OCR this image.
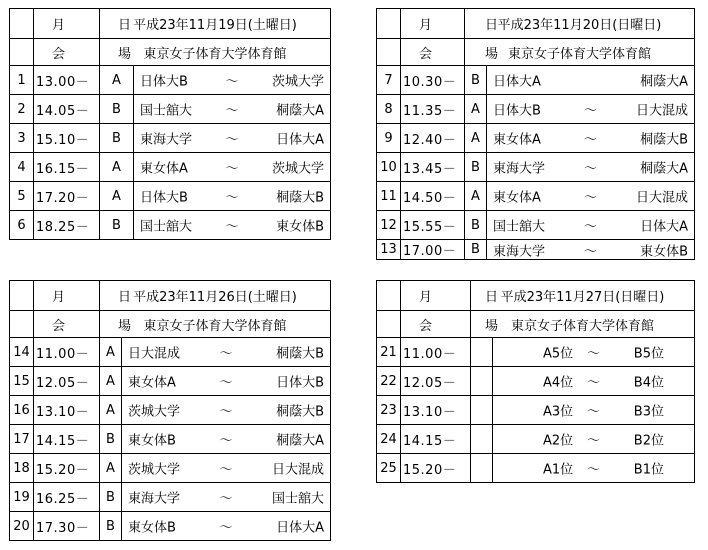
	月　日	平成23年11月19日(土曜日)	
	会　場	東京女子体育大学体育館	
1	13.00－	A	日体大B ～ 茨城大学

2	14.05－	B	国士舘大 ～ 桐蔭大A

3	15.10－	B	東海大学 ～ 日体大A

4	16.15－	A	東女体A ～ 茨城大学

5	17.20－	A	日体大B ～ 桐蔭大B

6	18.25－	B	国士舘大 ～ 東女体B
	月　日	平成23年11月20日(日曜日)	
	会　場	東京女子体育大学体育館	
7	10.30－	B	日体大A 桐蔭大A

8	11.35－	A	日体大B ～ 日大混成

9	12.40－	A	東女体A ～ 桐蔭大B

10	13.45－	B	東海大学 ～ 桐蔭大A

11	14.50－	A	東女体A ～ 日大混成

12	15.55－	B	国士舘大 ～ 日体大A

13	17.00－	B	東海大学 ～ 東女体B
	月　日	平成23年11月26日(土曜日)	
	会　場	東京女子体育大学体育館	
14	11.00－	A	日大混成 ～ 桐蔭大B

15	12.05－	A	東女体A ～ 日体大B

16	13.10－	A	茨城大学 ～ 桐蔭大B

17	14.15－	B	東女体B ～ 桐蔭大A

18	15.20－	A	茨城大学 ～ 日大混成

19	16.25－	B	東海大学 ～ 国士舘大

20	17.30－	B	東女体B ～ 日体大A
	月　日	平成23年11月27日(日曜日)	
	会　場	東京女子体育大学体育館	
21	11.00－		A5位 ～ B5位

22	12.05－		A4位 ～ B4位

23	13.10－		A3位 ～ B3位

24	14.15－		A2位 ～ B2位

25	15.20－		A1位 ～ B1位
